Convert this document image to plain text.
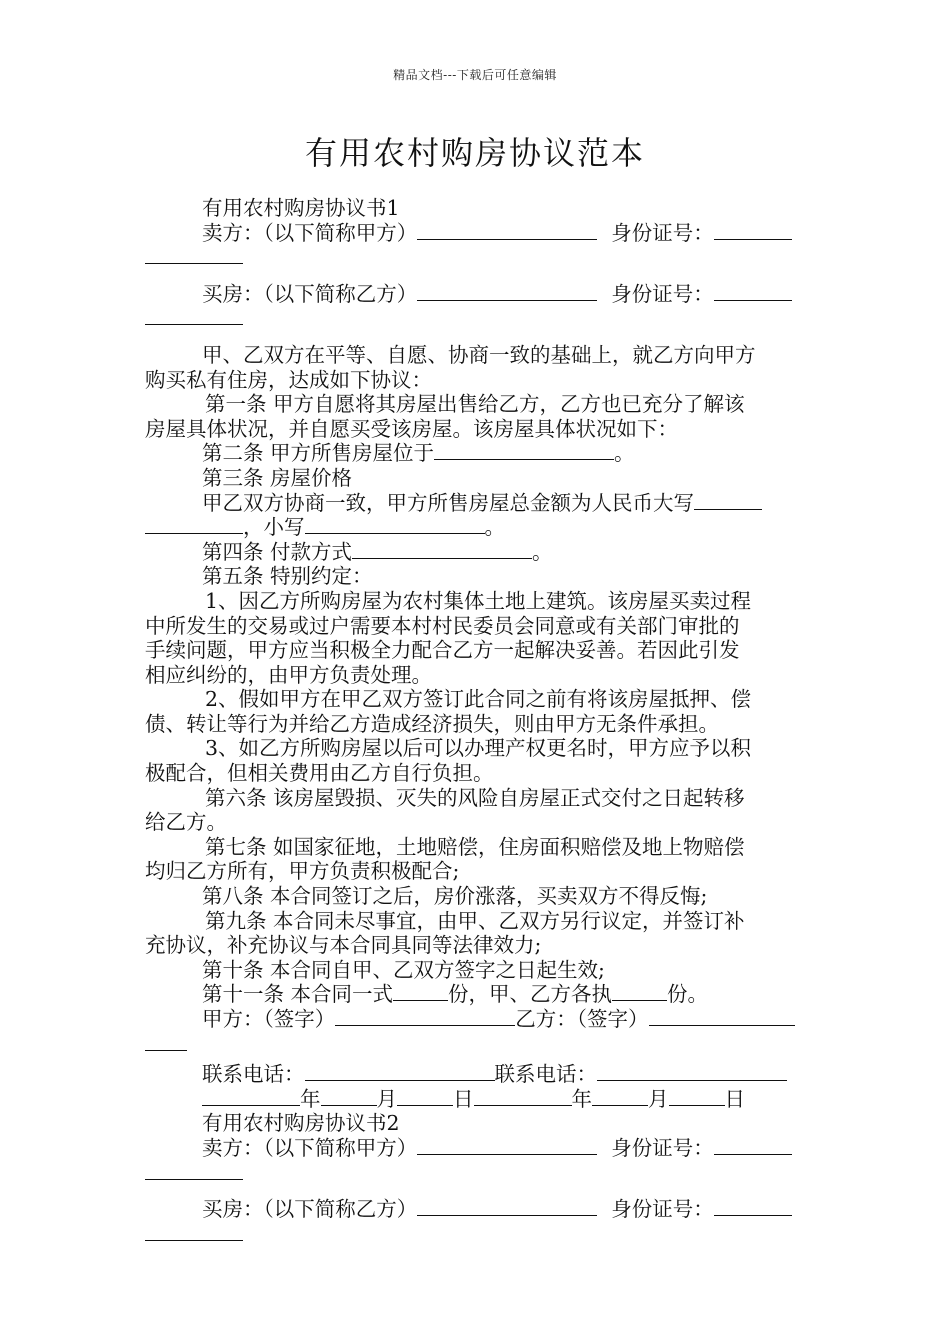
精品文档---下载后可任意编辑
有用农村购房协议范本
有用农村购房协议书1
卖方：（以下简称甲方）	身份证号：
买房：（以下简称乙方）	身份证号：
甲、乙双方在平等、自愿、协商一致的基础上，就乙方向甲方
购买私有住房，达成如下协议：
第一条 甲方自愿将其房屋出售给乙方，乙方也已充分了解该
房屋具体状况，并自愿买受该房屋。该房屋具体状况如下：
第二条 甲方所售房屋位于	。
第三条 房屋价格
甲乙双方协商一致，甲方所售房屋总金额为人民币大写
，小写	。
第四条 付款方式	。
第五条 特别约定：
1、因乙方所购房屋为农村集体土地上建筑。该房屋买卖过程
中所发生的交易或过户需要本村村民委员会同意或有关部门审批的
手续问题，甲方应当积极全力配合乙方一起解决妥善。若因此引发
相应纠纷的，由甲方负责处理。
2、假如甲方在甲乙双方签订此合同之前有将该房屋抵押、偿
债、转让等行为并给乙方造成经济损失，则由甲方无条件承担。
3、如乙方所购房屋以后可以办理产权更名时，甲方应予以积
极配合，但相关费用由乙方自行负担。
第六条 该房屋毁损、灭失的风险自房屋正式交付之日起转移
给乙方。
第七条 如国家征地，土地赔偿，住房面积赔偿及地上物赔偿
均归乙方所有，甲方负责积极配合;
第八条 本合同签订之后，房价涨落，买卖双方不得反悔;
第九条 本合同未尽事宜，由甲、乙双方另行议定，并签订补
充协议，补充协议与本合同具同等法律效力;
第十条 本合同自甲、乙双方签字之日起生效;
第十一条 本合同一式	份，甲、乙方各执	份。
甲方：（签字）	乙方：（签字）
联系电话：	联系电话：
年	月	日	年	月	日
有用农村购房协议书2
卖方：（以下简称甲方）	身份证号：
买房：（以下简称乙方）	身份证号：
